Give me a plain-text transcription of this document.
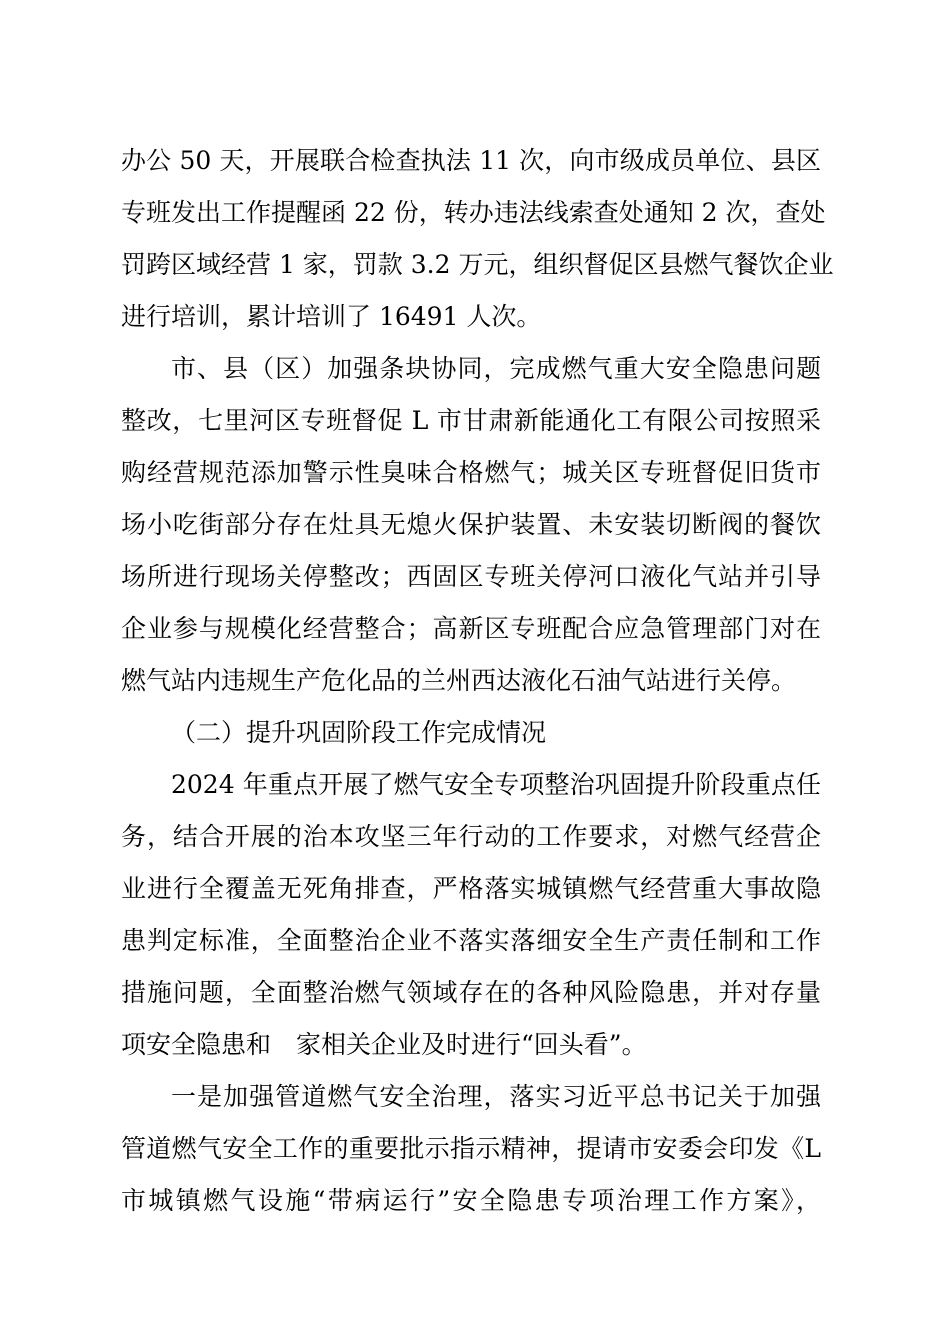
办公 50 天，开展联合检查执法 11 次，向市级成员单位、县区

专班发出工作提醒函 22 份，转办违法线索查处通知 2 次，查处

罚跨区域经营 1 家，罚款 3.2 万元，组织督促区县燃气餐饮企业

进行培训，累计培训了 16491 人次。

市、县（区）加强条块协同，完成燃气重大安全隐患问题

整改，七里河区专班督促 L 市甘肃新能通化工有限公司按照采

购经营规范添加警示性臭味合格燃气；城关区专班督促旧货市

场小吃街部分存在灶具无熄火保护装置、未安装切断阀的餐饮

场所进行现场关停整改；西固区专班关停河口液化气站并引导

企业参与规模化经营整合；高新区专班配合应急管理部门对在

燃气站内违规生产危化品的兰州西达液化石油气站进行关停。

（二）提升巩固阶段工作完成情况

2024 年重点开展了燃气安全专项整治巩固提升阶段重点任

务，结合开展的治本攻坚三年行动的工作要求，对燃气经营企

业进行全覆盖无死角排查，严格落实城镇燃气经营重大事故隐

患判定标准，全面整治企业不落实落细安全生产责任制和工作

措施问题，全面整治燃气领域存在的各种风险隐患，并对存量

项安全隐患和　家相关企业及时进行“回头看”。

一是加强管道燃气安全治理，落实习近平总书记关于加强

管道燃气安全工作的重要批示指示精神，提请市安委会印发《L

市城镇燃气设施“带病运行”安全隐患专项治理工作方案》，
